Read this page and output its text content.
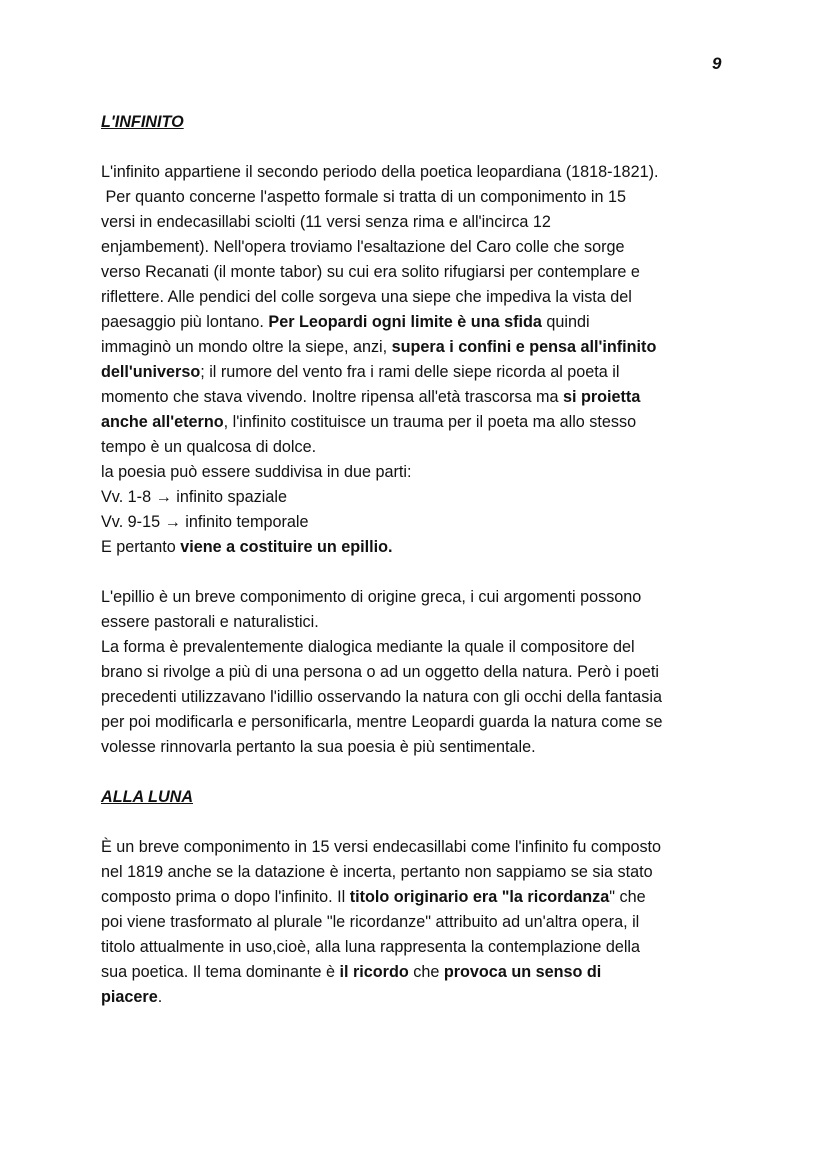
9

L'INFINITO

L'infinito appartiene il secondo periodo della poetica leopardiana (1818-1821).

Per quanto concerne l'aspetto formale si tratta di un componimento in 15

versi in endecasillabi sciolti (11 versi senza rima e all'incirca 12

enjambement). Nell'opera troviamo l'esaltazione del Caro colle che sorge

verso Recanati (il monte tabor) su cui era solito rifugiarsi per contemplare e

riflettere. Alle pendici del colle sorgeva una siepe che impediva la vista del

paesaggio più lontano. Per Leopardi ogni limite è una sfida quindi

immaginò un mondo oltre la siepe, anzi, supera i confini e pensa all'infinito

dell'universo; il rumore del vento fra i rami delle siepe ricorda al poeta il

momento che stava vivendo. Inoltre ripensa all'età trascorsa ma si proietta

anche all'eterno, l'infinito costituisce un trauma per il poeta ma allo stesso

tempo è un qualcosa di dolce.

la poesia può essere suddivisa in due parti:

Vv. 1-8 → infinito spaziale

Vv. 9-15 → infinito temporale

E pertanto viene a costituire un epillio.

L'epillio è un breve componimento di origine greca, i cui argomenti possono

essere pastorali e naturalistici.

La forma è prevalentemente dialogica mediante la quale il compositore del

brano si rivolge a più di una persona o ad un oggetto della natura. Però i poeti

precedenti utilizzavano l'idillio osservando la natura con gli occhi della fantasia

per poi modificarla e personificarla, mentre Leopardi guarda la natura come se

volesse rinnovarla pertanto la sua poesia è più sentimentale.

ALLA LUNA

È un breve componimento in 15 versi endecasillabi come l'infinito fu composto

nel 1819 anche se la datazione è incerta, pertanto non sappiamo se sia stato

composto prima o dopo l'infinito. Il titolo originario era "la ricordanza" che

poi viene trasformato al plurale "le ricordanze" attribuito ad un'altra opera, il

titolo attualmente in uso,cioè, alla luna rappresenta la contemplazione della

sua poetica. Il tema dominante è il ricordo che provoca un senso di

piacere.
